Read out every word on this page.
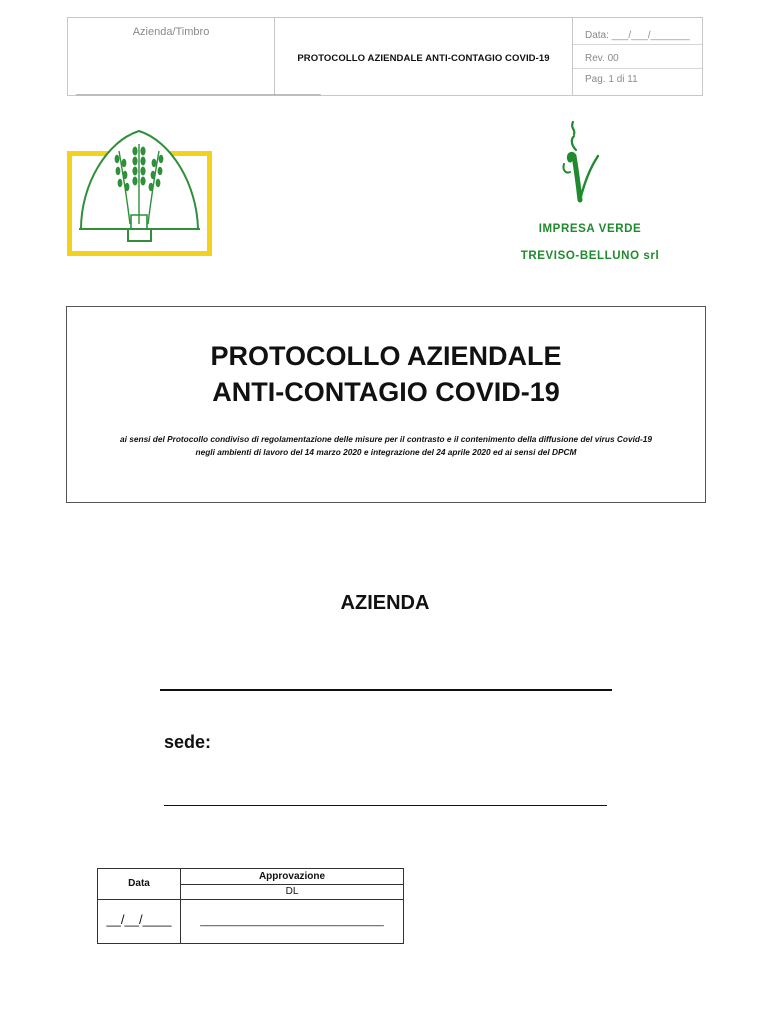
Azienda/Timbro
________________________________________
PROTOCOLLO AZIENDALE ANTI-CONTAGIO COVID-19
Data: ___/___/_______
Rev. 00
Pag. 1 di 11
IMPRESA VERDE
TREVISO-BELLUNO srl
PROTOCOLLO AZIENDALE
ANTI-CONTAGIO COVID-19
ai sensi del Protocollo condiviso di regolamentazione delle misure per il contrasto e il contenimento della diffusione del virus Covid-19
negli ambienti di lavoro del 14 marzo 2020 e integrazione del 24 aprile 2020 ed ai sensi del DPCM
AZIENDA
sede:
Data
Approvazione
DL
__/__/____	______________________________
